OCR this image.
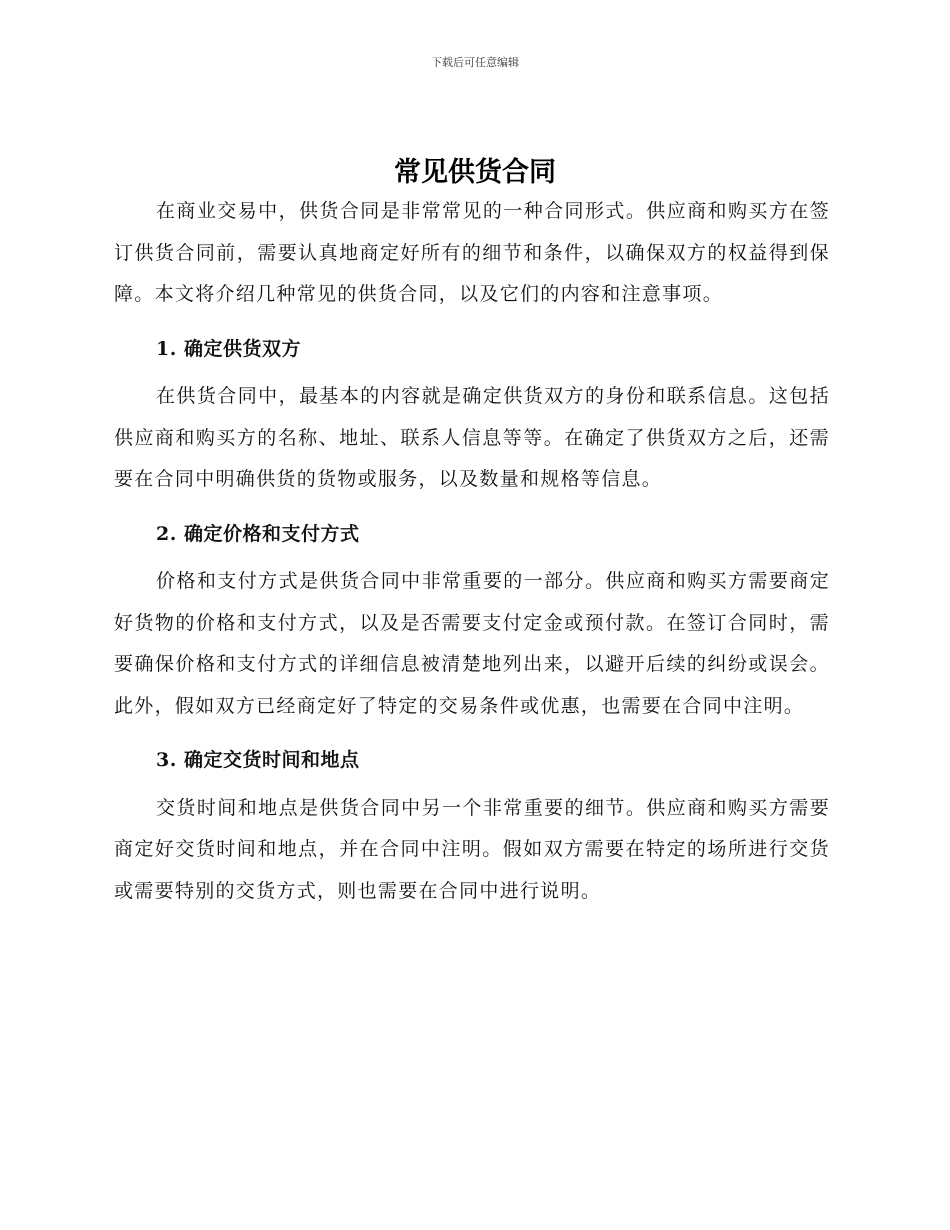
下载后可任意编辑
常见供货合同

在商业交易中，供货合同是非常常见的一种合同形式。供应商和购买方在签订供货合同前，需要认真地商定好所有的细节和条件，以确保双方的权益得到保障。本文将介绍几种常见的供货合同，以及它们的内容和注意事项。

1. 确定供货双方

在供货合同中，最基本的内容就是确定供货双方的身份和联系信息。这包括供应商和购买方的名称、地址、联系人信息等等。在确定了供货双方之后，还需要在合同中明确供货的货物或服务，以及数量和规格等信息。

2. 确定价格和支付方式

价格和支付方式是供货合同中非常重要的一部分。供应商和购买方需要商定好货物的价格和支付方式，以及是否需要支付定金或预付款。在签订合同时，需要确保价格和支付方式的详细信息被清楚地列出来，以避开后续的纠纷或误会。此外，假如双方已经商定好了特定的交易条件或优惠，也需要在合同中注明。

3. 确定交货时间和地点

交货时间和地点是供货合同中另一个非常重要的细节。供应商和购买方需要商定好交货时间和地点，并在合同中注明。假如双方需要在特定的场所进行交货或需要特别的交货方式，则也需要在合同中进行说明。
